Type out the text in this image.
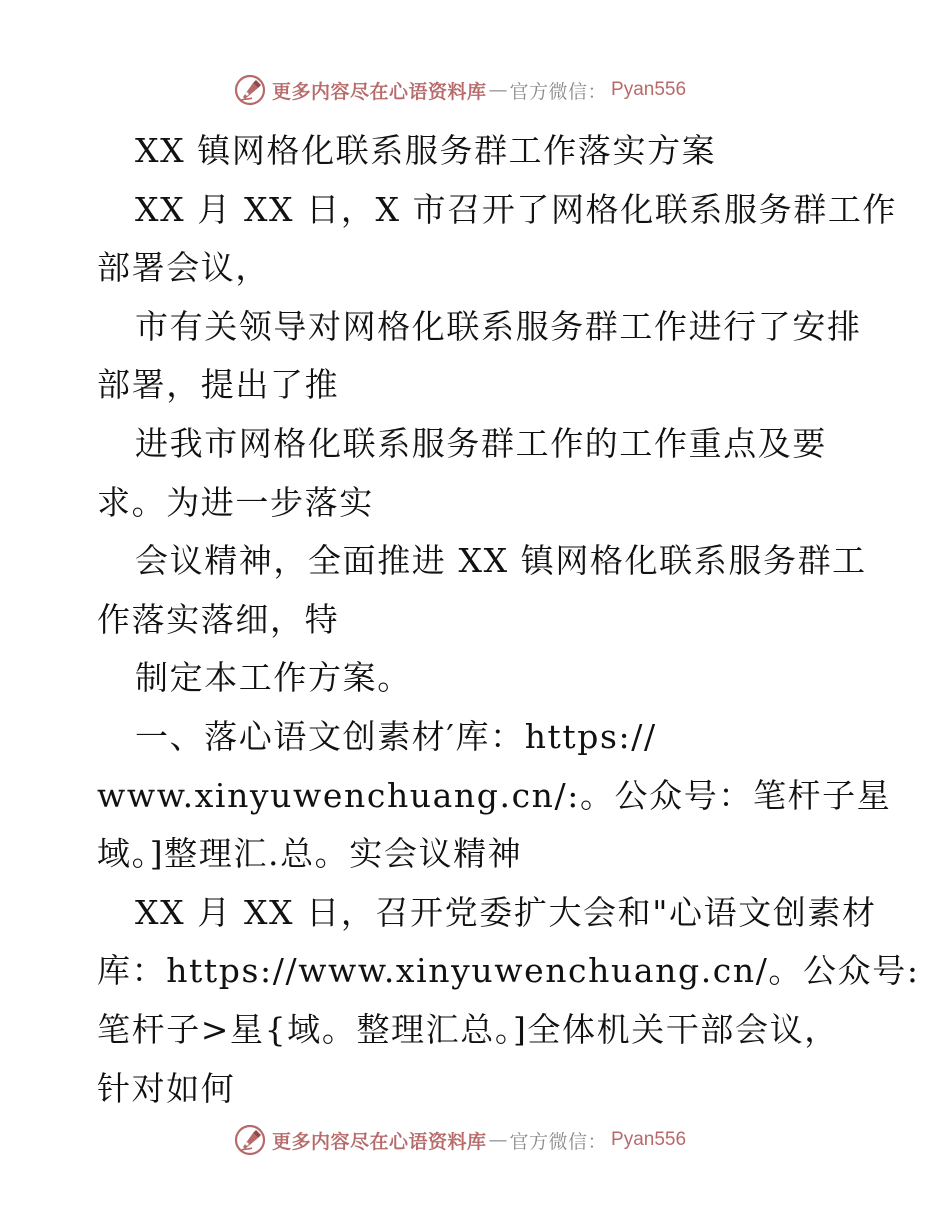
更多内容尽在心语资料库 — 官方微信： Pyan556
XX 镇网格化联系服务群工作落实方案
XX 月 XX 日，X 市召开了网格化联系服务群工作
部署会议，
市有关领导对网格化联系服务群工作进行了安排
部署，提出了推
进我市网格化联系服务群工作的工作重点及要
求。为进一步落实
会议精神，全面推进 XX 镇网格化联系服务群工
作落实落细，特
制定本工作方案。
一、落心语文创素材′库：https://
www.xinyuwenchuang.cn/:。公众号：笔杆子星
域。]整理汇.总。实会议精神
XX 月 XX 日，召开党委扩大会和"心语文创素材
库：https://www.xinyuwenchuang.cn/。公众号:
笔杆子>星{域。整理汇总。]全体机关干部会议，
针对如何
更多内容尽在心语资料库 — 官方微信： Pyan556
